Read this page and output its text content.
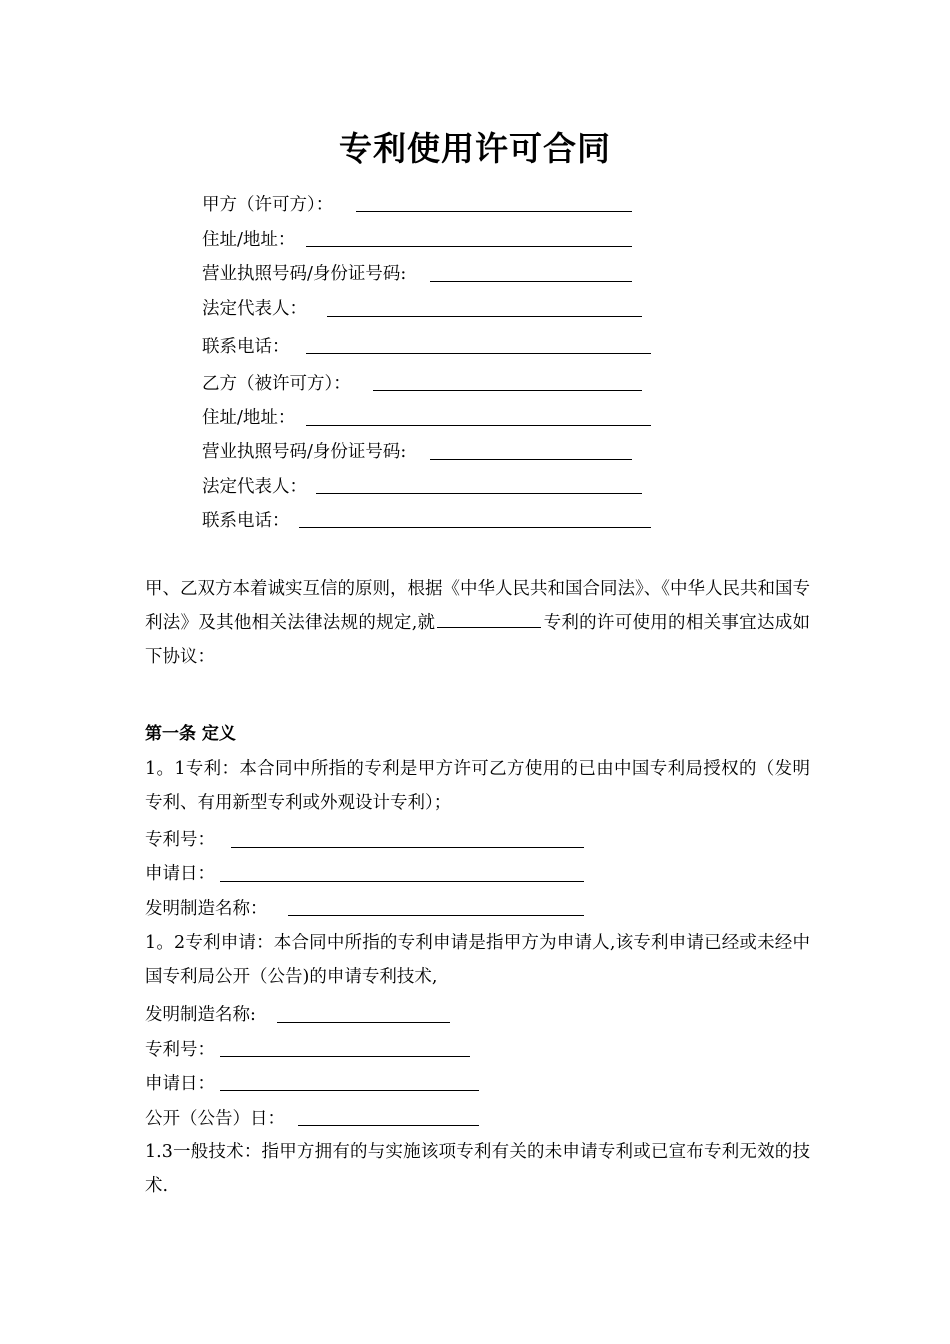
专利使用许可合同
甲方（许可方）：
住址/地址：
营业执照号码/身份证号码:
法定代表人：
联系电话：
乙方（被许可方）：
住址/地址：
营业执照号码/身份证号码:
法定代表人：
联系电话：
甲、乙双方本着诚实互信的原则，根据《中华人民共和国合同法》、《中华人民共和国专利法》及其他相关法律法规的规定,就	专利的许可使用的相关事宜达成如下协议：
第一条 定义
1。1专利：本合同中所指的专利是甲方许可乙方使用的已由中国专利局授权的（发明专利、有用新型专利或外观设计专利）；
专利号：
申请日：
发明制造名称：
1。2专利申请：本合同中所指的专利申请是指甲方为申请人,该专利申请已经或未经中国专利局公开（公告)的申请专利技术,
发明制造名称:
专利号：
申请日：
公开（公告）日：
1.3一般技术：指甲方拥有的与实施该项专利有关的未申请专利或已宣布专利无效的技术.
